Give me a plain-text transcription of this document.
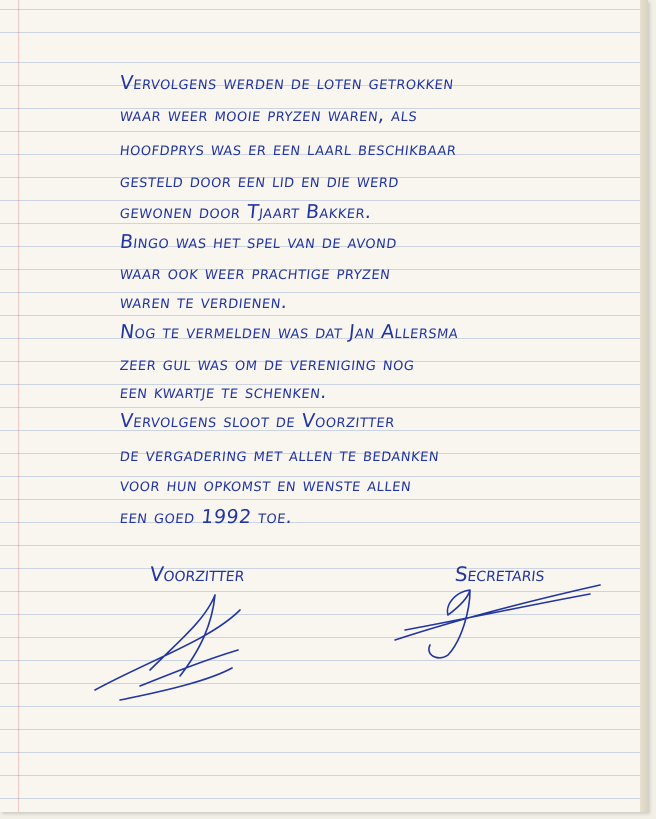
Vervolgens werden de loten getrokken
waar weer mooie pryzen waren, als
hoofdprys was er een laarl beschikbaar
gesteld door een lid en die werd
gewonen door Tjaart Bakker.
Bingo was het spel van de avond
waar ook weer prachtige pryzen
waren te verdienen.
Nog te vermelden was dat Jan Allersma
zeer gul was om de vereniging nog
een kwartje te schenken.
Vervolgens sloot de Voorzitter
de vergadering met allen te bedanken
voor hun opkomst en wenste allen
een goed 1992 toe.
Voorzitter	Secretaris
